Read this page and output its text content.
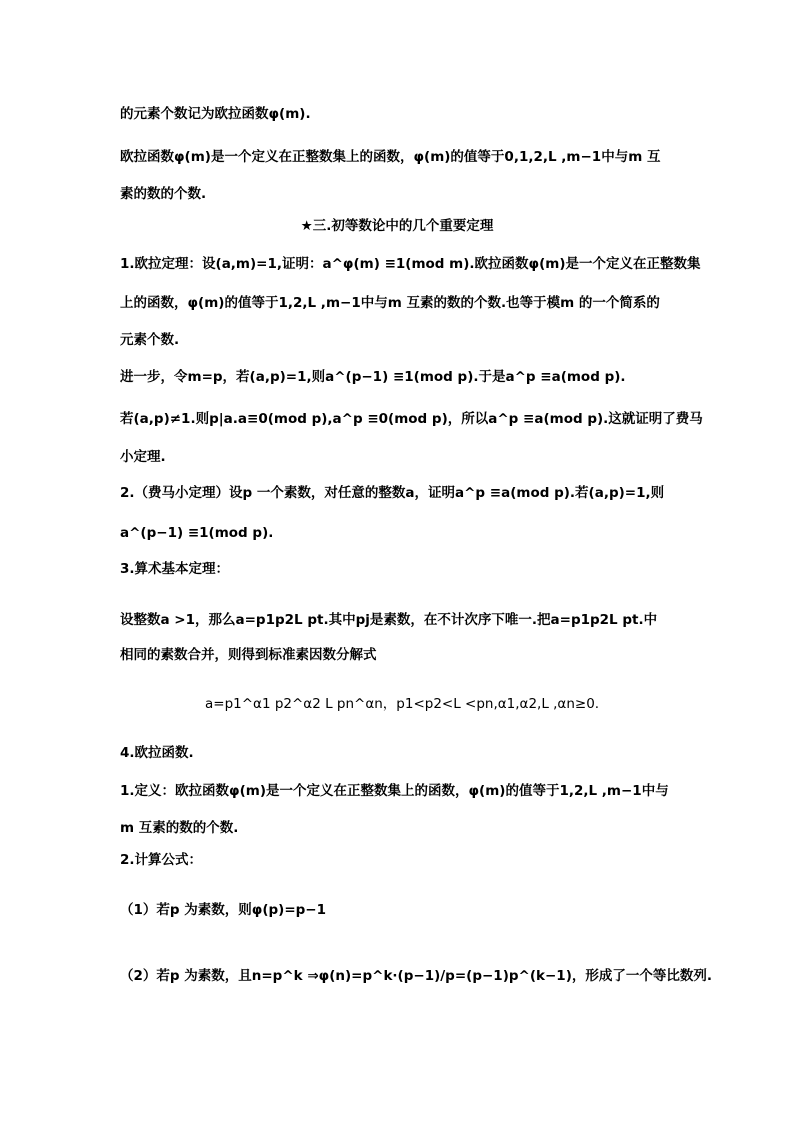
的元素个数记为欧拉函数φ(m).
欧拉函数φ(m)是一个定义在正整数集上的函数，φ(m)的值等于0,1,2,L ,m−1中与m 互
素的数的个数.
★三.初等数论中的几个重要定理
1.欧拉定理：设(a,m)=1,证明：a^φ(m) ≡1(mod m).欧拉函数φ(m)是一个定义在正整数集
上的函数，φ(m)的值等于1,2,L ,m−1中与m 互素的数的个数.也等于模m 的一个简系的
元素个数.
进一步，令m=p，若(a,p)=1,则a^(p−1) ≡1(mod p).于是a^p ≡a(mod p).
若(a,p)≠1.则p|a.a≡0(mod p),a^p ≡0(mod p)，所以a^p ≡a(mod p).这就证明了费马
小定理.
2.（费马小定理）设p 一个素数，对任意的整数a，证明a^p ≡a(mod p).若(a,p)=1,则
a^(p−1) ≡1(mod p).
3.算术基本定理：
设整数a >1，那么a=p1p2L pt.其中pj是素数，在不计次序下唯一.把a=p1p2L pt.中
相同的素数合并，则得到标准素因数分解式
a=p1^α1 p2^α2 L pn^αn，p1<p2<L <pn,α1,α2,L ,αn≥0.
4.欧拉函数.
1.定义：欧拉函数φ(m)是一个定义在正整数集上的函数，φ(m)的值等于1,2,L ,m−1中与
m 互素的数的个数.
2.计算公式：
（1）若p 为素数，则φ(p)=p−1
（2）若p 为素数，且n=p^k ⇒φ(n)=p^k·(p−1)/p=(p−1)p^(k−1)，形成了一个等比数列.
